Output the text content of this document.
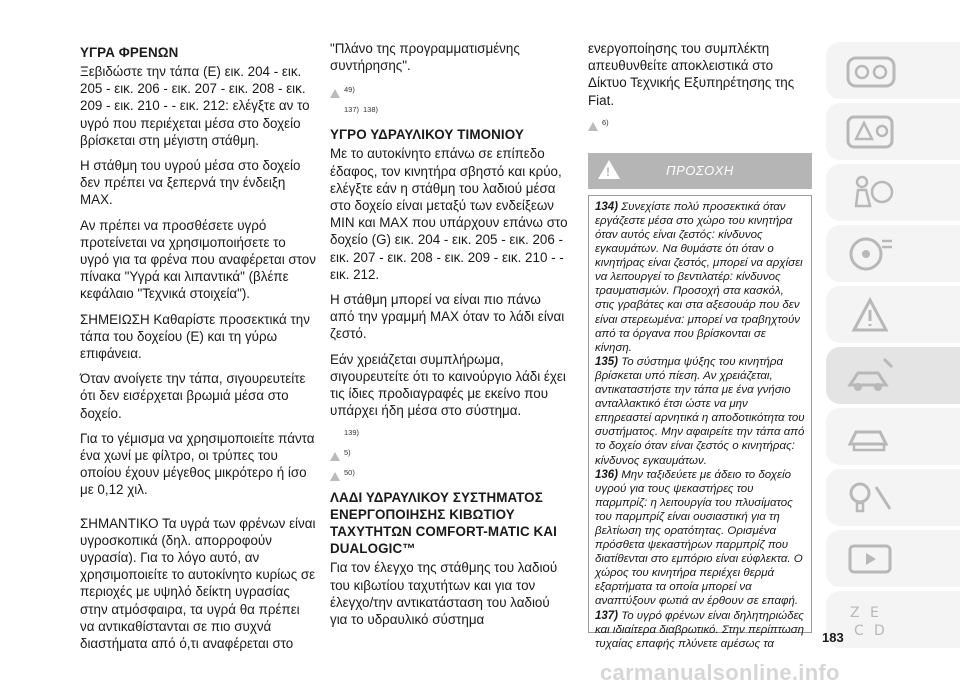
ΥΓΡΑ ΦΡΕΝΩΝ

Ξεβιδώστε την τάπα (E) εικ. 204 - εικ. 205 - εικ. 206 - εικ. 207 - εικ. 208 - εικ. 209 - εικ. 210 - - εικ. 212: ελέγξτε αν το υγρό που περιέχεται μέσα στο δοχείο βρίσκεται στη μέγιστη στάθμη.

Η στάθμη του υγρού μέσα στο δοχείο δεν πρέπει να ξεπερνά την ένδειξη MAX.

Αν πρέπει να προσθέσετε υγρό προτείνεται να χρησιμοποιήσετε το υγρό για τα φρένα που αναφέρεται στον πίνακα "Υγρά και λιπαντικά" (βλέπε κεφάλαιο "Τεχνικά στοιχεία").

ΣΗΜΕΙΩΣΗ Καθαρίστε προσεκτικά την τάπα του δοχείου (E) και τη γύρω επιφάνεια.

Όταν ανοίγετε την τάπα, σιγουρευτείτε ότι δεν εισέρχεται βρωμιά μέσα στο δοχείο.

Για το γέμισμα να χρησιμοποιείτε πάντα ένα χωνί με φίλτρο, οι τρύπες του οποίου έχουν μέγεθος μικρότερο ή ίσο με 0,12 χιλ.

ΣΗΜΑΝΤΙΚΟ Τα υγρά των φρένων είναι υγροσκοπικά (δηλ. απορροφούν υγρασία). Για το λόγο αυτό, αν χρησιμοποιείτε το αυτοκίνητο κυρίως σε περιοχές με υψηλό δείκτη υγρασίας στην ατμόσφαιρα, τα υγρά θα πρέπει να αντικαθίστανται σε πιο συχνά διαστήματα από ό,τι αναφέρεται στο

"Πλάνο της προγραμματισμένης συντήρησης".

49)
137) 138)
ΥΓΡΟ ΥΔΡΑΥΛΙΚΟΥ ΤΙΜΟΝΙΟΥ

Με το αυτοκίνητο επάνω σε επίπεδο έδαφος, τον κινητήρα σβηστό και κρύο, ελέγξτε εάν η στάθμη του λαδιού μέσα στο δοχείο είναι μεταξύ των ενδείξεων MIN και MAX που υπάρχουν επάνω στο δοχείο (G) εικ. 204 - εικ. 205 - εικ. 206 - εικ. 207 - εικ. 208 - εικ. 209 - εικ. 210 - - εικ. 212.

Η στάθμη μπορεί να είναι πιο πάνω από την γραμμή MAX όταν το λάδι είναι ζεστό.

Εάν χρειάζεται συμπλήρωμα, σιγουρευτείτε ότι το καινούργιο λάδι έχει τις ίδιες προδιαγραφές με εκείνο που υπάρχει ήδη μέσα στο σύστημα.

139)
5)
50)
ΛΑΔΙ ΥΔΡΑΥΛΙΚΟΥ ΣΥΣΤΗΜΑΤΟΣ ΕΝΕΡΓΟΠΟΙΗΣΗΣ ΚΙΒΩΤΙΟΥ ΤΑΧΥΤΗΤΩΝ COMFORT-MATIC ΚΑΙ DUALOGIC™

Για τον έλεγχο της στάθμης του λαδιού του κιβωτίου ταχυτήτων και για τον έλεγχο/την αντικατάσταση του λαδιού για το υδραυλικό σύστημα

ενεργοποίησης του συμπλέκτη απευθυνθείτε αποκλειστικά στο Δίκτυο Τεχνικής Εξυπηρέτησης της Fiat.

6)
!
ΠΡΟΣΟΧΗ

134) Συνεχίστε πολύ προσεκτικά όταν εργάζεστε μέσα στο χώρο του κινητήρα όταν αυτός είναι ζεστός: κίνδυνος εγκαυμάτων. Να θυμάστε ότι όταν ο κινητήρας είναι ζεστός, μπορεί να αρχίσει να λειτουργεί το βεντιλατέρ: κίνδυνος τραυματισμών. Προσοχή στα κασκόλ, στις γραβάτες και στα αξεσουάρ που δεν είναι στερεωμένα: μπορεί να τραβηχτούν από τα όργανα που βρίσκονται σε κίνηση.

135) Το σύστημα ψύξης του κινητήρα βρίσκεται υπό πίεση. Αν χρειάζεται, αντικαταστήστε την τάπα με ένα γνήσιο ανταλλακτικό έτσι ώστε να μην επηρεαστεί αρνητικά η αποδοτικότητα του συστήματος. Μην αφαιρείτε την τάπα από το δοχείο όταν είναι ζεστός ο κινητήρας: κίνδυνος εγκαυμάτων.

136) Μην ταξιδεύετε με άδειο το δοχείο υγρού για τους ψεκαστήρες του παρμπρίζ: η λειτουργία του πλυσίματος του παρμπρίζ είναι ουσιαστική για τη βελτίωση της ορατότητας. Ορισμένα πρόσθετα ψεκαστήρων παρμπρίζ που διατίθενται στο εμπόριο είναι εύφλεκτα. Ο χώρος του κινητήρα περιέχει θερμά εξαρτήματα τα οποία μπορεί να αναπτύξουν φωτιά αν έρθουν σε επαφή.

137) Το υγρό φρένων είναι δηλητηριώδες και ιδιαίτερα διαβρωτικό. Στην περίπτωση τυχαίας επαφής πλύνετε αμέσως τα

Z E
C D
183
carmanualsonline.info
